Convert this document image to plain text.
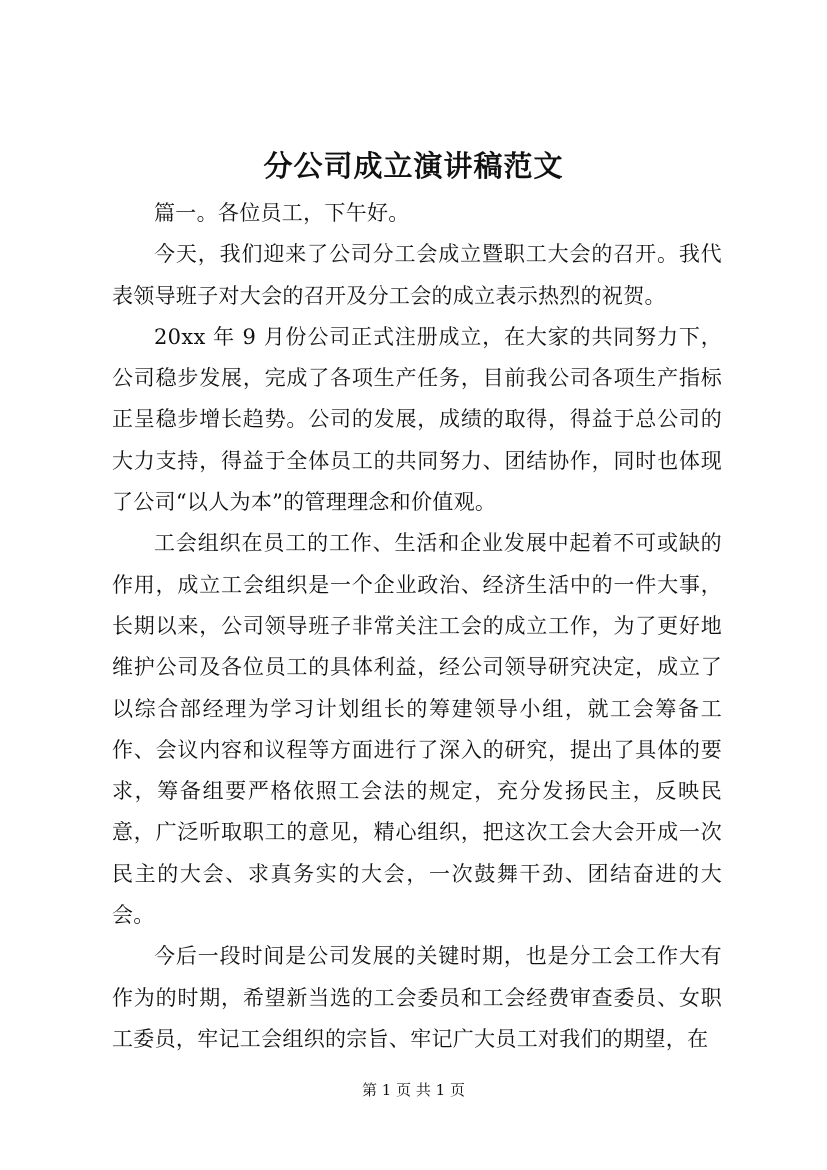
分公司成立演讲稿范文

篇一。各位员工，下午好。

今天，我们迎来了公司分工会成立暨职工大会的召开。我代表领导班子对大会的召开及分工会的成立表示热烈的祝贺。

20xx 年 9 月份公司正式注册成立，在大家的共同努力下，公司稳步发展，完成了各项生产任务，目前我公司各项生产指标正呈稳步增长趋势。公司的发展，成绩的取得，得益于总公司的大力支持，得益于全体员工的共同努力、团结协作，同时也体现了公司“以人为本”的管理理念和价值观。

工会组织在员工的工作、生活和企业发展中起着不可或缺的作用，成立工会组织是一个企业政治、经济生活中的一件大事，长期以来，公司领导班子非常关注工会的成立工作，为了更好地维护公司及各位员工的具体利益，经公司领导研究决定，成立了以综合部经理为学习计划组长的筹建领导小组，就工会筹备工作、会议内容和议程等方面进行了深入的研究，提出了具体的要求，筹备组要严格依照工会法的规定，充分发扬民主，反映民意，广泛听取职工的意见，精心组织，把这次工会大会开成一次民主的大会、求真务实的大会，一次鼓舞干劲、团结奋进的大会。

今后一段时间是公司发展的关键时期，也是分工会工作大有作为的时期，希望新当选的工会委员和工会经费审查委员、女职工委员，牢记工会组织的宗旨、牢记广大员工对我们的期望，在

第 1 页 共 1 页
